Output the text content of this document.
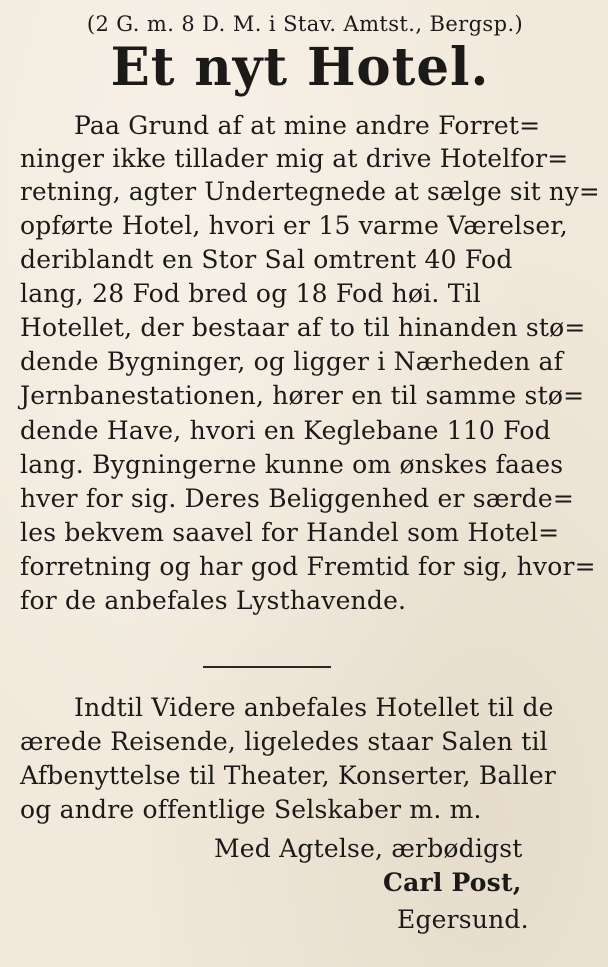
(2 G. m. 8 D. M. i Stav. Amtst., Bergsp.)
Et nyt Hotel.
Paa Grund af at mine andre Forret=
ninger ikke tillader mig at drive Hotelfor=
retning, agter Undertegnede at sælge sit ny=
opførte Hotel, hvori er 15 varme Værelser,
deriblandt en Stor Sal omtrent 40 Fod
lang, 28 Fod bred og 18 Fod høi. Til
Hotellet, der bestaar af to til hinanden stø=
dende Bygninger, og ligger i Nærheden af
Jernbanestationen, hører en til samme stø=
dende Have, hvori en Keglebane 110 Fod
lang. Bygningerne kunne om ønskes faaes
hver for sig. Deres Beliggenhed er særde=
les bekvem saavel for Handel som Hotel=
forretning og har god Fremtid for sig, hvor=
for de anbefales Lysthavende.
Indtil Videre anbefales Hotellet til de
ærede Reisende, ligeledes staar Salen til
Afbenyttelse til Theater, Konserter, Baller
og andre offentlige Selskaber m. m.
Med Agtelse, ærbødigst
Carl Post,
Egersund.
